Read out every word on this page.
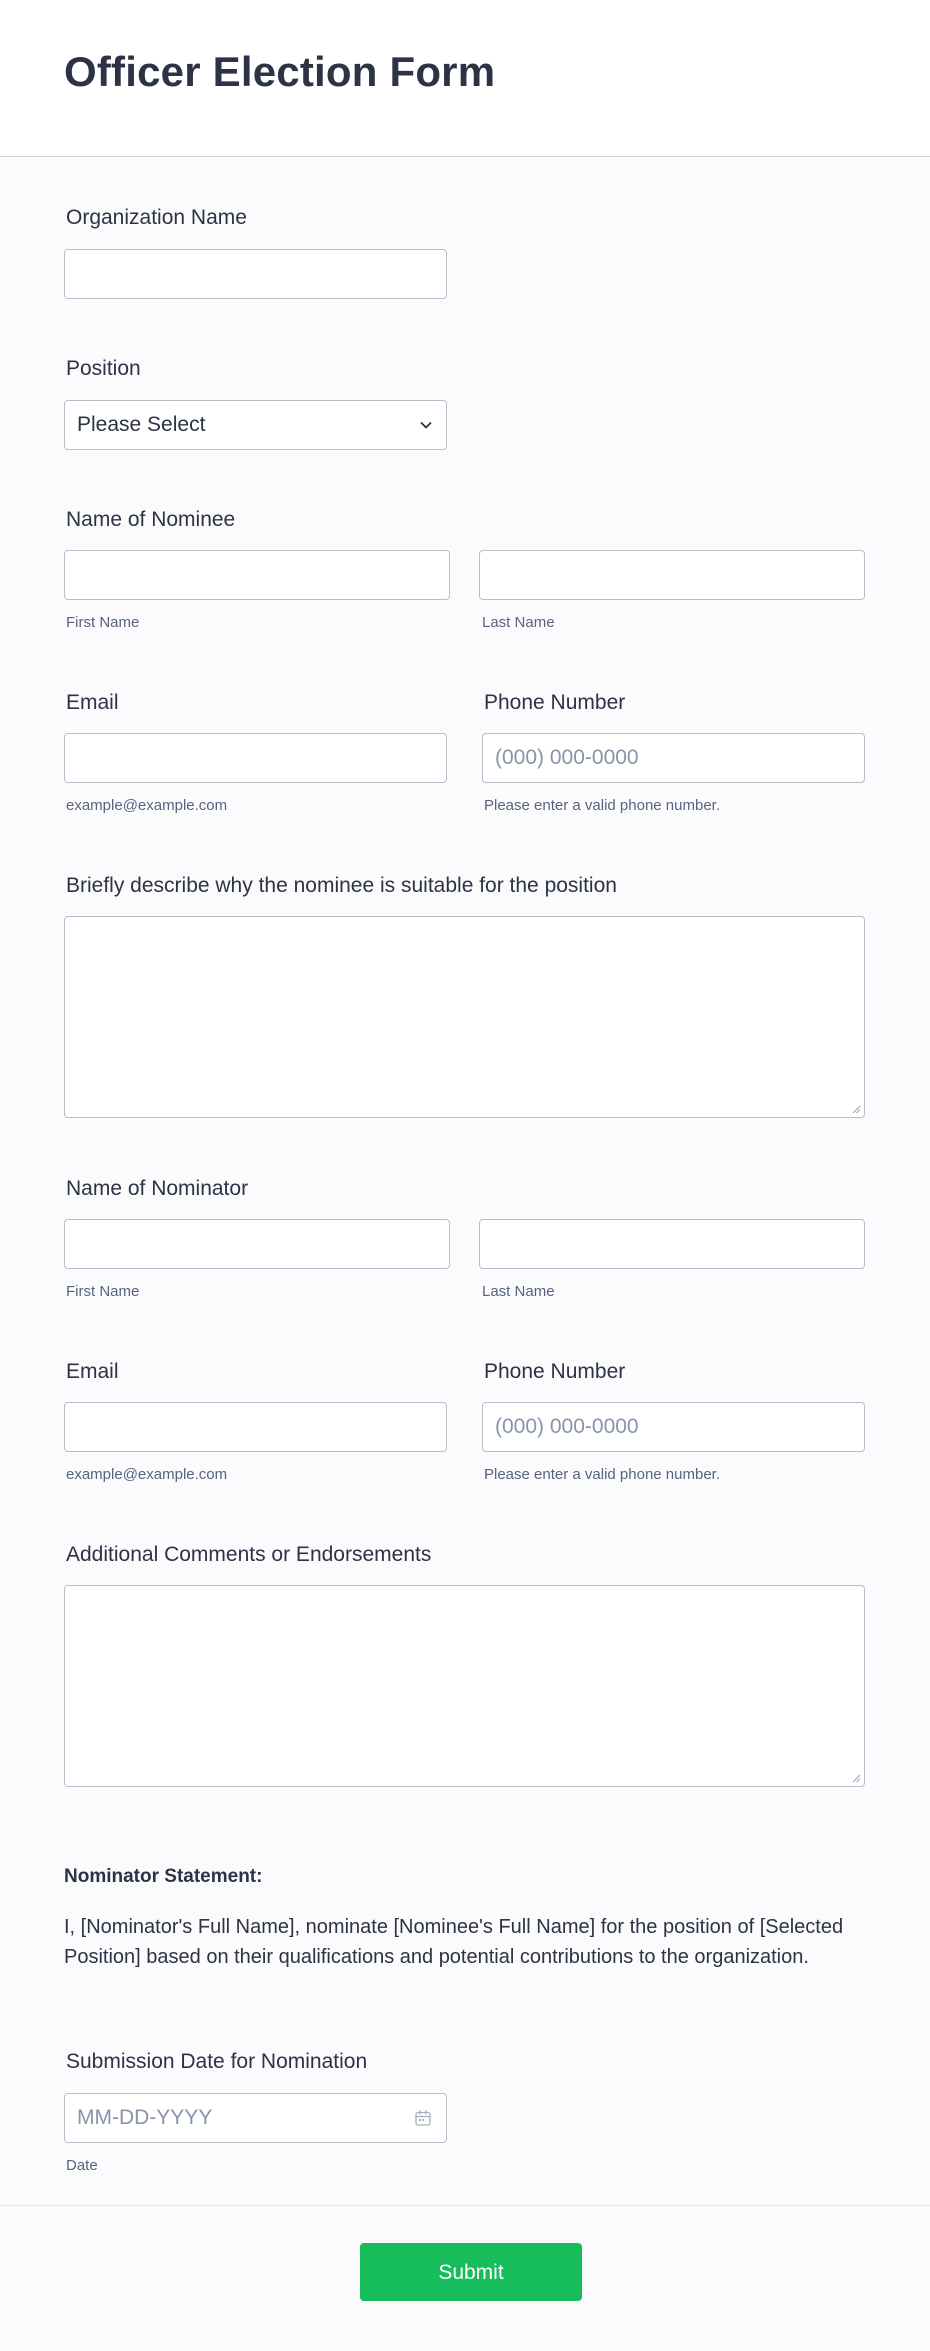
Officer Election Form
Organization Name
Position
Please Select
Name of Nominee
First Name	Last Name
Email	Phone Number
(000) 000-0000
example@example.com	Please enter a valid phone number.
Briefly describe why the nominee is suitable for the position
Name of Nominator
First Name	Last Name
Email	Phone Number
(000) 000-0000
example@example.com	Please enter a valid phone number.
Additional Comments or Endorsements
Nominator Statement:
I, [Nominator's Full Name], nominate [Nominee's Full Name] for the position of [Selected Position] based on their qualifications and potential contributions to the organization.
Submission Date for Nomination
MM-DD-YYYY
Date
Submit
